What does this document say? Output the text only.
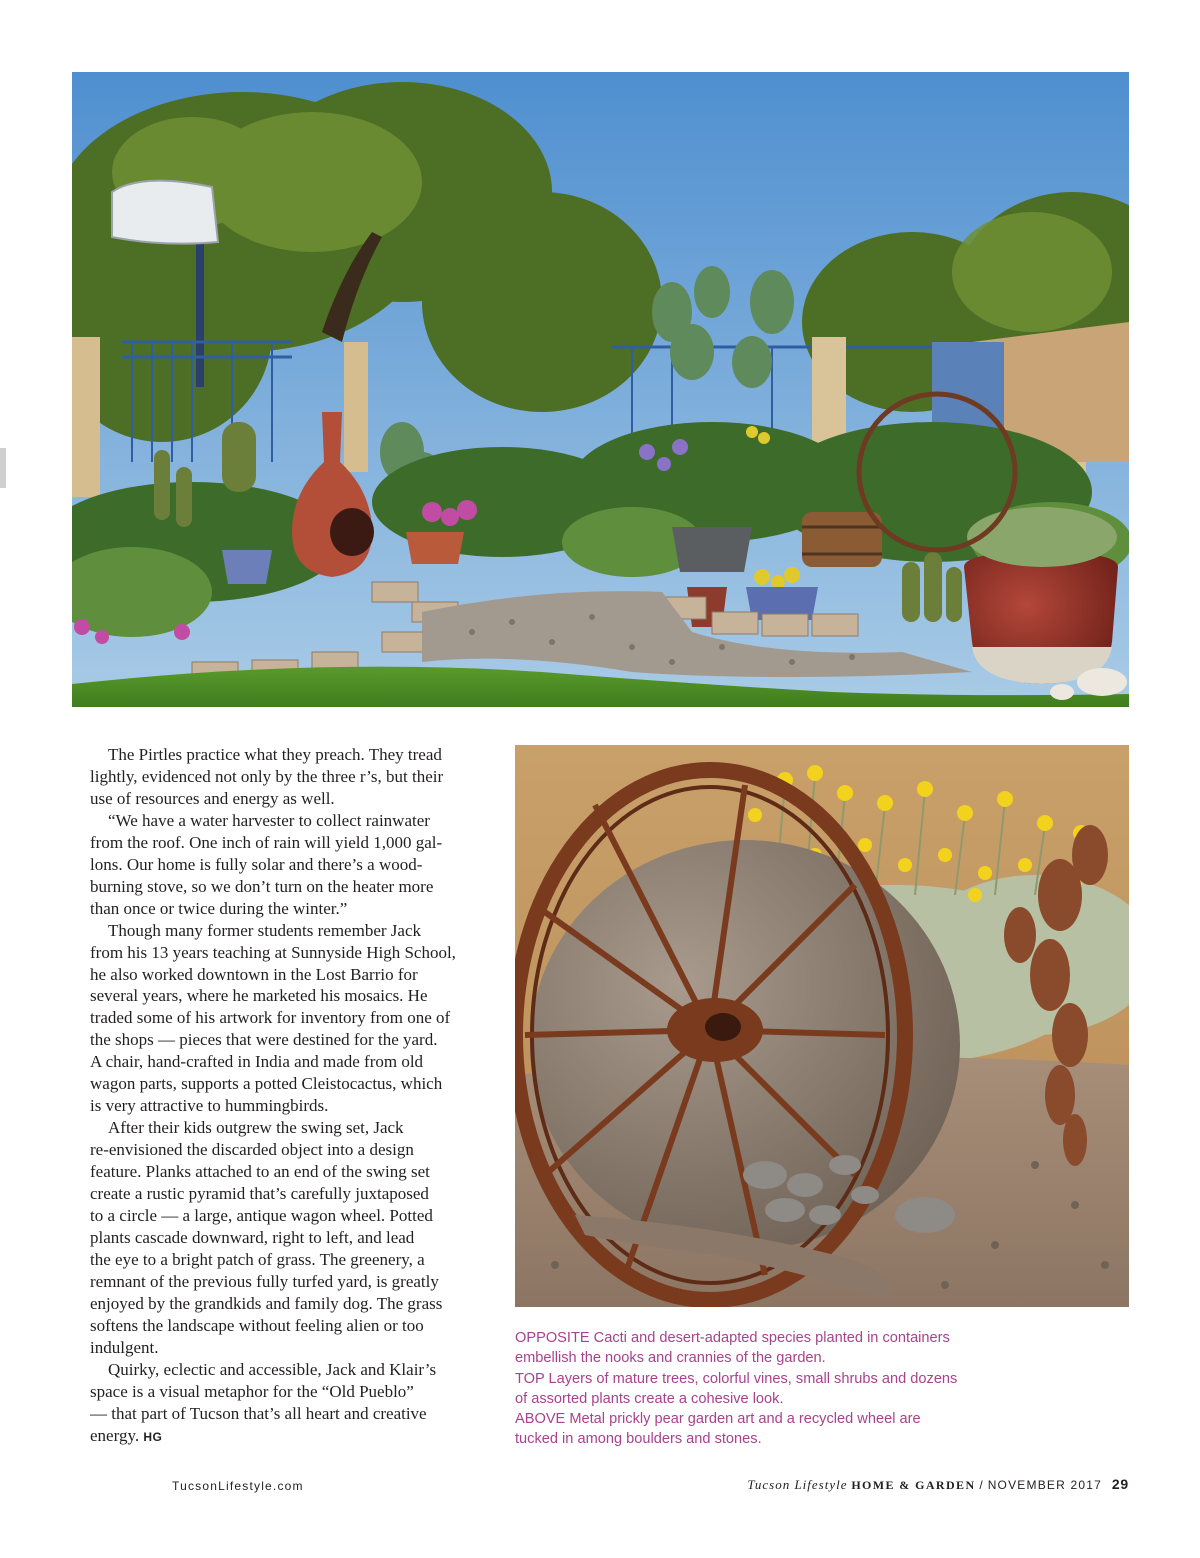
The Pirtles practice what they preach. They tread
lightly, evidenced not only by the three r’s, but their
use of resources and energy as well.

“We have a water harvester to collect rainwater
from the roof. One inch of rain will yield 1,000 gal-
lons. Our home is fully solar and there’s a wood-
burning stove, so we don’t turn on the heater more
than once or twice during the winter.”

Though many former students remember Jack
from his 13 years teaching at Sunnyside High School,
he also worked downtown in the Lost Barrio for
several years, where he marketed his mosaics. He
traded some of his artwork for inventory from one of
the shops — pieces that were destined for the yard.
A chair, hand-crafted in India and made from old
wagon parts, supports a potted Cleistocactus, which
is very attractive to hummingbirds.

After their kids outgrew the swing set, Jack
re-envisioned the discarded object into a design
feature. Planks attached to an end of the swing set
create a rustic pyramid that’s carefully juxtaposed
to a circle — a large, antique wagon wheel. Potted
plants cascade downward, right to left, and lead
the eye to a bright patch of grass. The greenery, a
remnant of the previous fully turfed yard, is greatly
enjoyed by the grandkids and family dog. The grass
softens the landscape without feeling alien or too
indulgent.

Quirky, eclectic and accessible, Jack and Klair’s
space is a visual metaphor for the “Old Pueblo”
— that part of Tucson that’s all heart and creative
energy. HG

OPPOSITE Cacti and desert-adapted species planted in containers
embellish the nooks and crannies of the garden.
TOP Layers of mature trees, colorful vines, small shrubs and dozens
of assorted plants create a cohesive look.
ABOVE Metal prickly pear garden art and a recycled wheel are
tucked in among boulders and stones.
TucsonLifestyle.com	Tucson Lifestyle HOME & GARDEN / NOVEMBER 2017 29
